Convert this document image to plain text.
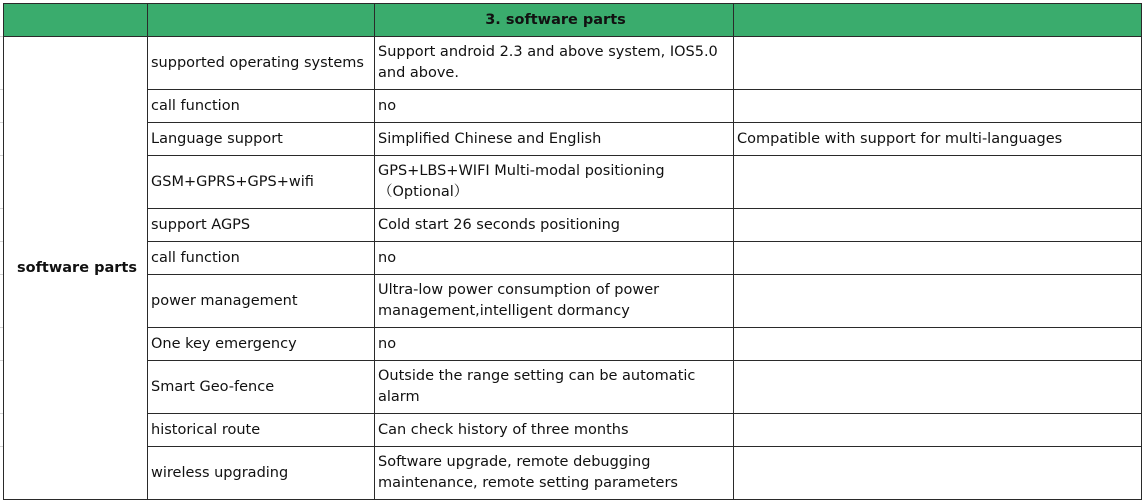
		3. software parts	
software parts	supported operating systems	Support android 2.3 and above system, IOS5.0 and above.	
	call function	no	
	Language support	Simplified Chinese and English	Compatible with support for multi-languages
	GSM+GPRS+GPS+wifi	GPS+LBS+WIFI Multi-modal positioning （Optional）	
	support AGPS	Cold start 26 seconds positioning	
	call function	no	
	power management	Ultra-low power consumption of power management,intelligent dormancy	
	One key emergency	no	
	Smart Geo-fence	Outside the range setting can be automatic alarm	
	historical route	Can check history of three months	
	wireless upgrading	Software upgrade, remote debugging maintenance, remote setting parameters	
